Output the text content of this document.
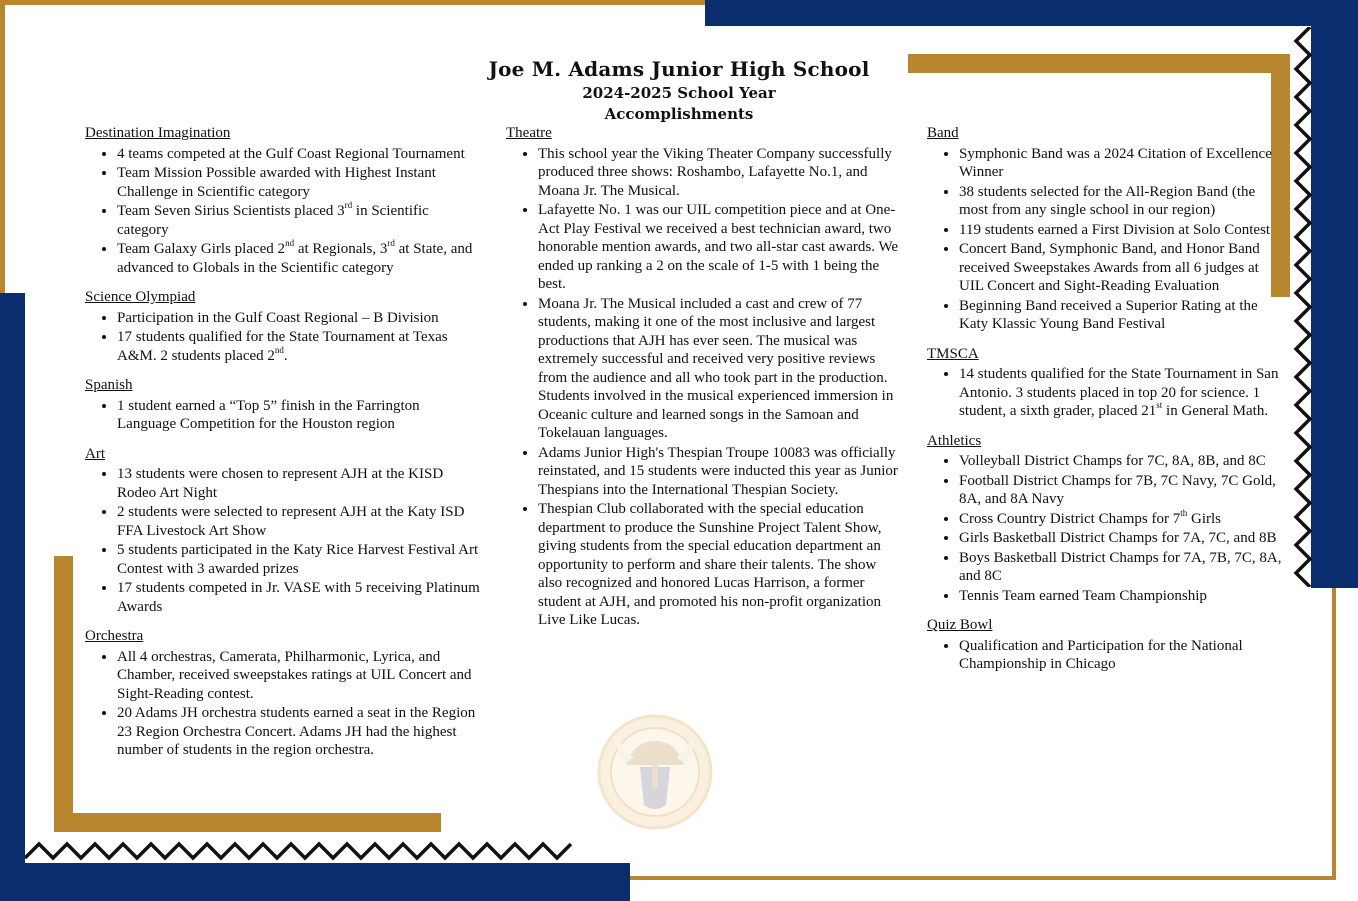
Joe M. Adams Junior High School
2024-2025 School Year
Accomplishments
Destination Imagination
• 4 teams competed at the Gulf Coast Regional Tournament
• Team Mission Possible awarded with Highest Instant Challenge in Scientific category
• Team Seven Sirius Scientists placed 3rd in Scientific category
• Team Galaxy Girls placed 2nd at Regionals, 3rd at State, and advanced to Globals in the Scientific category
Science Olympiad
• Participation in the Gulf Coast Regional – B Division
• 17 students qualified for the State Tournament at Texas A&M. 2 students placed 2nd.
Spanish
• 1 student earned a “Top 5” finish in the Farrington Language Competition for the Houston region
Art
• 13 students were chosen to represent AJH at the KISD Rodeo Art Night
• 2 students were selected to represent AJH at the Katy ISD FFA Livestock Art Show
• 5 students participated in the Katy Rice Harvest Festival Art Contest with 3 awarded prizes
• 17 students competed in Jr. VASE with 5 receiving Platinum Awards
Orchestra
• All 4 orchestras, Camerata, Philharmonic, Lyrica, and Chamber, received sweepstakes ratings at UIL Concert and Sight-Reading contest.
• 20 Adams JH orchestra students earned a seat in the Region 23 Region Orchestra Concert. Adams JH had the highest number of students in the region orchestra.
Theatre
• This school year the Viking Theater Company successfully produced three shows: Roshambo, Lafayette No.1, and Moana Jr. The Musical.
• Lafayette No. 1 was our UIL competition piece and at One-Act Play Festival we received a best technician award, two honorable mention awards, and two all-star cast awards. We ended up ranking a 2 on the scale of 1-5 with 1 being the best.
• Moana Jr. The Musical included a cast and crew of 77 students, making it one of the most inclusive and largest productions that AJH has ever seen. The musical was extremely successful and received very positive reviews from the audience and all who took part in the production. Students involved in the musical experienced immersion in Oceanic culture and learned songs in the Samoan and Tokelauan languages.
• Adams Junior High's Thespian Troupe 10083 was officially reinstated, and 15 students were inducted this year as Junior Thespians into the International Thespian Society.
• Thespian Club collaborated with the special education department to produce the Sunshine Project Talent Show, giving students from the special education department an opportunity to perform and share their talents. The show also recognized and honored Lucas Harrison, a former student at AJH, and promoted his non-profit organization Live Like Lucas.
Band
• Symphonic Band was a 2024 Citation of Excellence Winner
• 38 students selected for the All-Region Band (the most from any single school in our region)
• 119 students earned a First Division at Solo Contest
• Concert Band, Symphonic Band, and Honor Band received Sweepstakes Awards from all 6 judges at UIL Concert and Sight-Reading Evaluation
• Beginning Band received a Superior Rating at the Katy Klassic Young Band Festival
TMSCA
• 14 students qualified for the State Tournament in San Antonio. 3 students placed in top 20 for science. 1 student, a sixth grader, placed 21st in General Math.
Athletics
• Volleyball District Champs for 7C, 8A, 8B, and 8C
• Football District Champs for 7B, 7C Navy, 7C Gold, 8A, and 8A Navy
• Cross Country District Champs for 7th Girls
• Girls Basketball District Champs for 7A, 7C, and 8B
• Boys Basketball District Champs for 7A, 7B, 7C, 8A, and 8C
• Tennis Team earned Team Championship
Quiz Bowl
• Qualification and Participation for the National Championship in Chicago
